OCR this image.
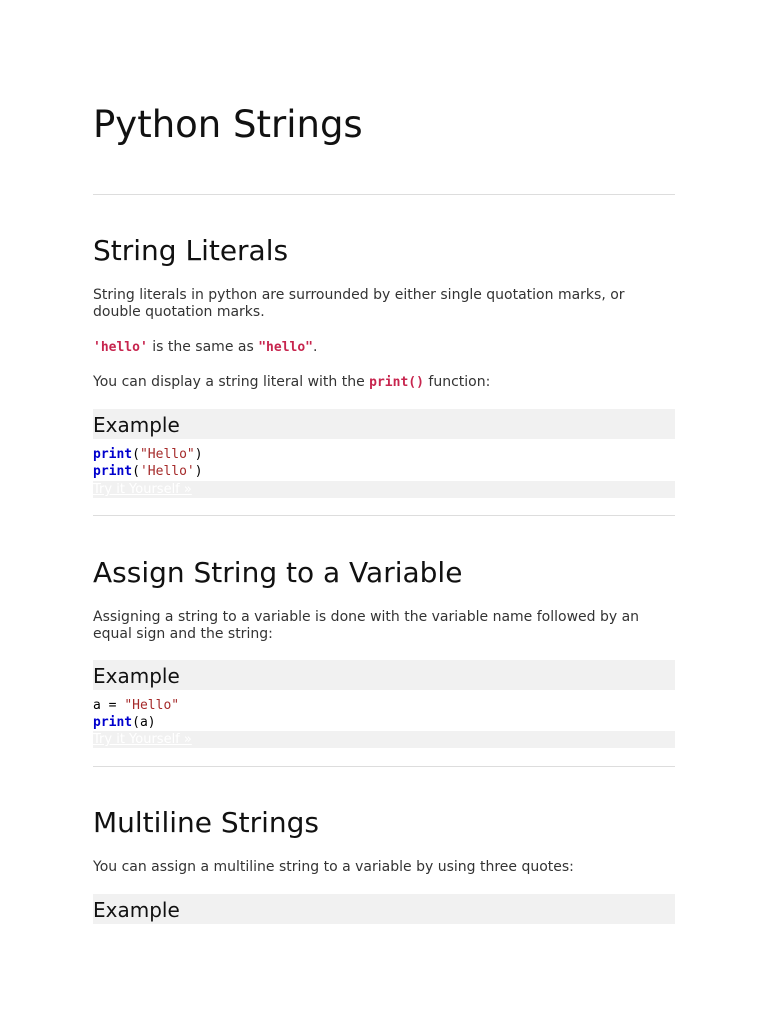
Python Strings
String Literals

String literals in python are surrounded by either single quotation marks, or double quotation marks.

'hello' is the same as "hello".

You can display a string literal with the print() function:

Example
print("Hello")
print('Hello')
Try it Yourself »
Assign String to a Variable

Assigning a string to a variable is done with the variable name followed by an equal sign and the string:

Example
a = "Hello"
print(a)
Try it Yourself »
Multiline Strings

You can assign a multiline string to a variable by using three quotes:

Example
